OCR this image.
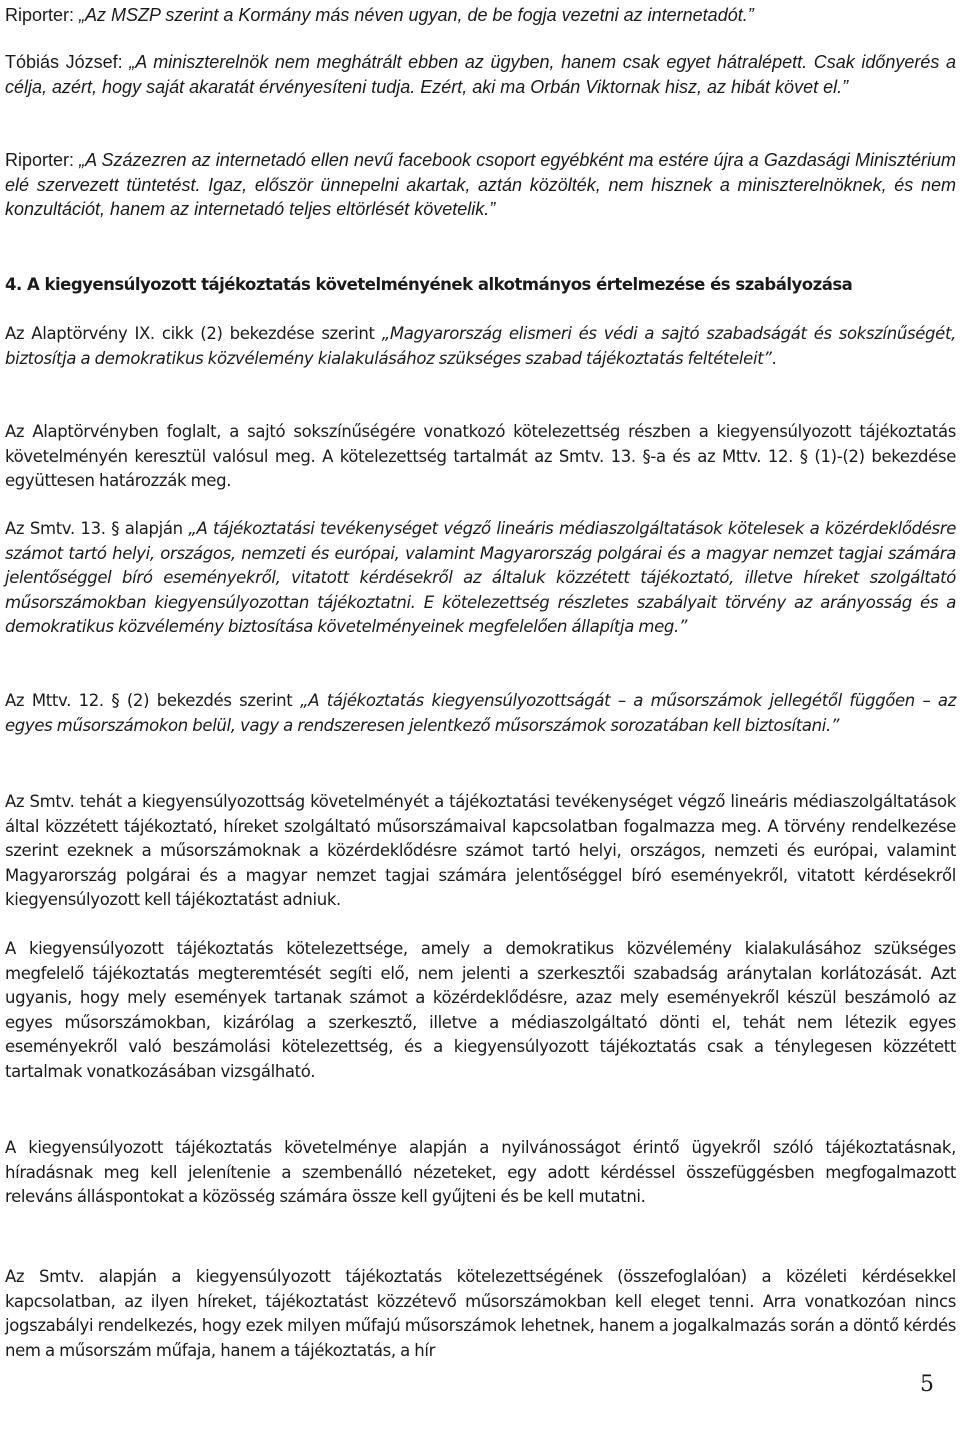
Riporter: „Az MSZP szerint a Kormány más néven ugyan, de be fogja vezetni az internetadót.”

Tóbiás József: „A miniszterelnök nem meghátrált ebben az ügyben, hanem csak egyet hátralépett. Csak időnyerés a célja, azért, hogy saját akaratát érvényesíteni tudja. Ezért, aki ma Orbán Viktornak hisz, az hibát követ el.”

Riporter: „A Százezren az internetadó ellen nevű facebook csoport egyébként ma estére újra a Gazdasági Minisztérium elé szervezett tüntetést. Igaz, először ünnepelni akartak, aztán közölték, nem hisznek a miniszterelnöknek, és nem konzultációt, hanem az internetadó teljes eltörlését követelik.”

4. A kiegyensúlyozott tájékoztatás követelményének alkotmányos értelmezése és szabályozása

Az Alaptörvény IX. cikk (2) bekezdése szerint „Magyarország elismeri és védi a sajtó szabadságát és sokszínűségét, biztosítja a demokratikus közvélemény kialakulásához szükséges szabad tájékoztatás feltételeit”.

Az Alaptörvényben foglalt, a sajtó sokszínűségére vonatkozó kötelezettség részben a kiegyensúlyozott tájékoztatás követelményén keresztül valósul meg. A kötelezettség tartalmát az Smtv. 13. §-a és az Mttv. 12. § (1)-(2) bekezdése együttesen határozzák meg.

Az Smtv. 13. § alapján „A tájékoztatási tevékenységet végző lineáris médiaszolgáltatások kötelesek a közérdeklődésre számot tartó helyi, országos, nemzeti és európai, valamint Magyarország polgárai és a magyar nemzet tagjai számára jelentőséggel bíró eseményekről, vitatott kérdésekről az általuk közzétett tájékoztató, illetve híreket szolgáltató műsorszámokban kiegyensúlyozottan tájékoztatni. E kötelezettség részletes szabályait törvény az arányosság és a demokratikus közvélemény biztosítása követelményeinek megfelelően állapítja meg.”

Az Mttv. 12. § (2) bekezdés szerint „A tájékoztatás kiegyensúlyozottságát – a műsorszámok jellegétől függően – az egyes műsorszámokon belül, vagy a rendszeresen jelentkező műsorszámok sorozatában kell biztosítani.”

Az Smtv. tehát a kiegyensúlyozottság követelményét a tájékoztatási tevékenységet végző lineáris médiaszolgáltatások által közzétett tájékoztató, híreket szolgáltató műsorszámaival kapcsolatban fogalmazza meg. A törvény rendelkezése szerint ezeknek a műsorszámoknak a közérdeklődésre számot tartó helyi, országos, nemzeti és európai, valamint Magyarország polgárai és a magyar nemzet tagjai számára jelentőséggel bíró eseményekről, vitatott kérdésekről kiegyensúlyozott kell tájékoztatást adniuk.

A kiegyensúlyozott tájékoztatás kötelezettsége, amely a demokratikus közvélemény kialakulásához szükséges megfelelő tájékoztatás megteremtését segíti elő, nem jelenti a szerkesztői szabadság aránytalan korlátozását. Azt ugyanis, hogy mely események tartanak számot a közérdeklődésre, azaz mely eseményekről készül beszámoló az egyes műsorszámokban, kizárólag a szerkesztő, illetve a médiaszolgáltató dönti el, tehát nem létezik egyes eseményekről való beszámolási kötelezettség, és a kiegyensúlyozott tájékoztatás csak a ténylegesen közzétett tartalmak vonatkozásában vizsgálható.

A kiegyensúlyozott tájékoztatás követelménye alapján a nyilvánosságot érintő ügyekről szóló tájékoztatásnak, híradásnak meg kell jelenítenie a szembenálló nézeteket, egy adott kérdéssel összefüggésben megfogalmazott releváns álláspontokat a közösség számára össze kell gyűjteni és be kell mutatni.

Az Smtv. alapján a kiegyensúlyozott tájékoztatás kötelezettségének (összefoglalóan) a közéleti kérdésekkel kapcsolatban, az ilyen híreket, tájékoztatást közzétevő műsorszámokban kell eleget tenni. Arra vonatkozóan nincs jogszabályi rendelkezés, hogy ezek milyen műfajú műsorszámok lehetnek, hanem a jogalkalmazás során a döntő kérdés nem a műsorszám műfaja, hanem a tájékoztatás, a hír

5
